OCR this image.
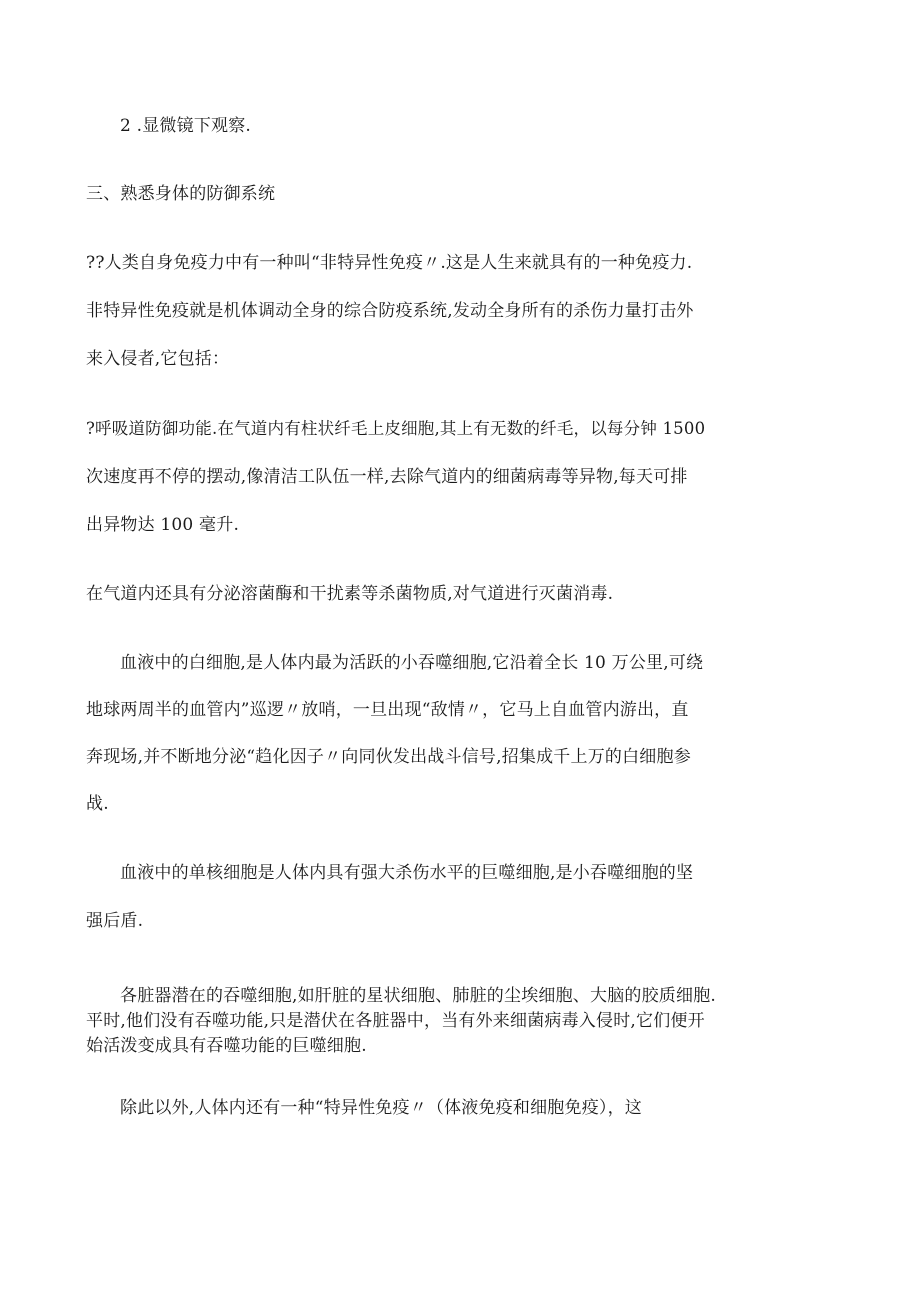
2 .显微镜下观察.
三、熟悉身体的防御系统
??人类自身免疫力中有一种叫“非特异性免疫〃.这是人生来就具有的一种免疫力.
非特异性免疫就是机体调动全身的综合防疫系统,发动全身所有的杀伤力量打击外
来入侵者,它包括：
?呼吸道防御功能.在气道内有柱状纤毛上皮细胞,其上有无数的纤毛，以每分钟 1500
次速度再不停的摆动,像清洁工队伍一样,去除气道内的细菌病毒等异物,每天可排
出异物达 100 毫升.
在气道内还具有分泌溶菌酶和干扰素等杀菌物质,对气道进行灭菌消毒.
血液中的白细胞,是人体内最为活跃的小吞噬细胞,它沿着全长 10 万公里,可绕
地球两周半的血管内”巡逻〃放哨，一旦出现“敌情〃，它马上自血管内游出，直
奔现场,并不断地分泌“趋化因子〃向同伙发出战斗信号,招集成千上万的白细胞参
战.
血液中的单核细胞是人体内具有强大杀伤水平的巨噬细胞,是小吞噬细胞的坚
强后盾.
各脏器潜在的吞噬细胞,如肝脏的星状细胞、肺脏的尘埃细胞、大脑的胶质细胞.
平时,他们没有吞噬功能,只是潜伏在各脏器中，当有外来细菌病毒入侵时,它们便开
始活泼变成具有吞噬功能的巨噬细胞.
除此以外,人体内还有一种“特异性免疫〃（体液免疫和细胞免疫），这
